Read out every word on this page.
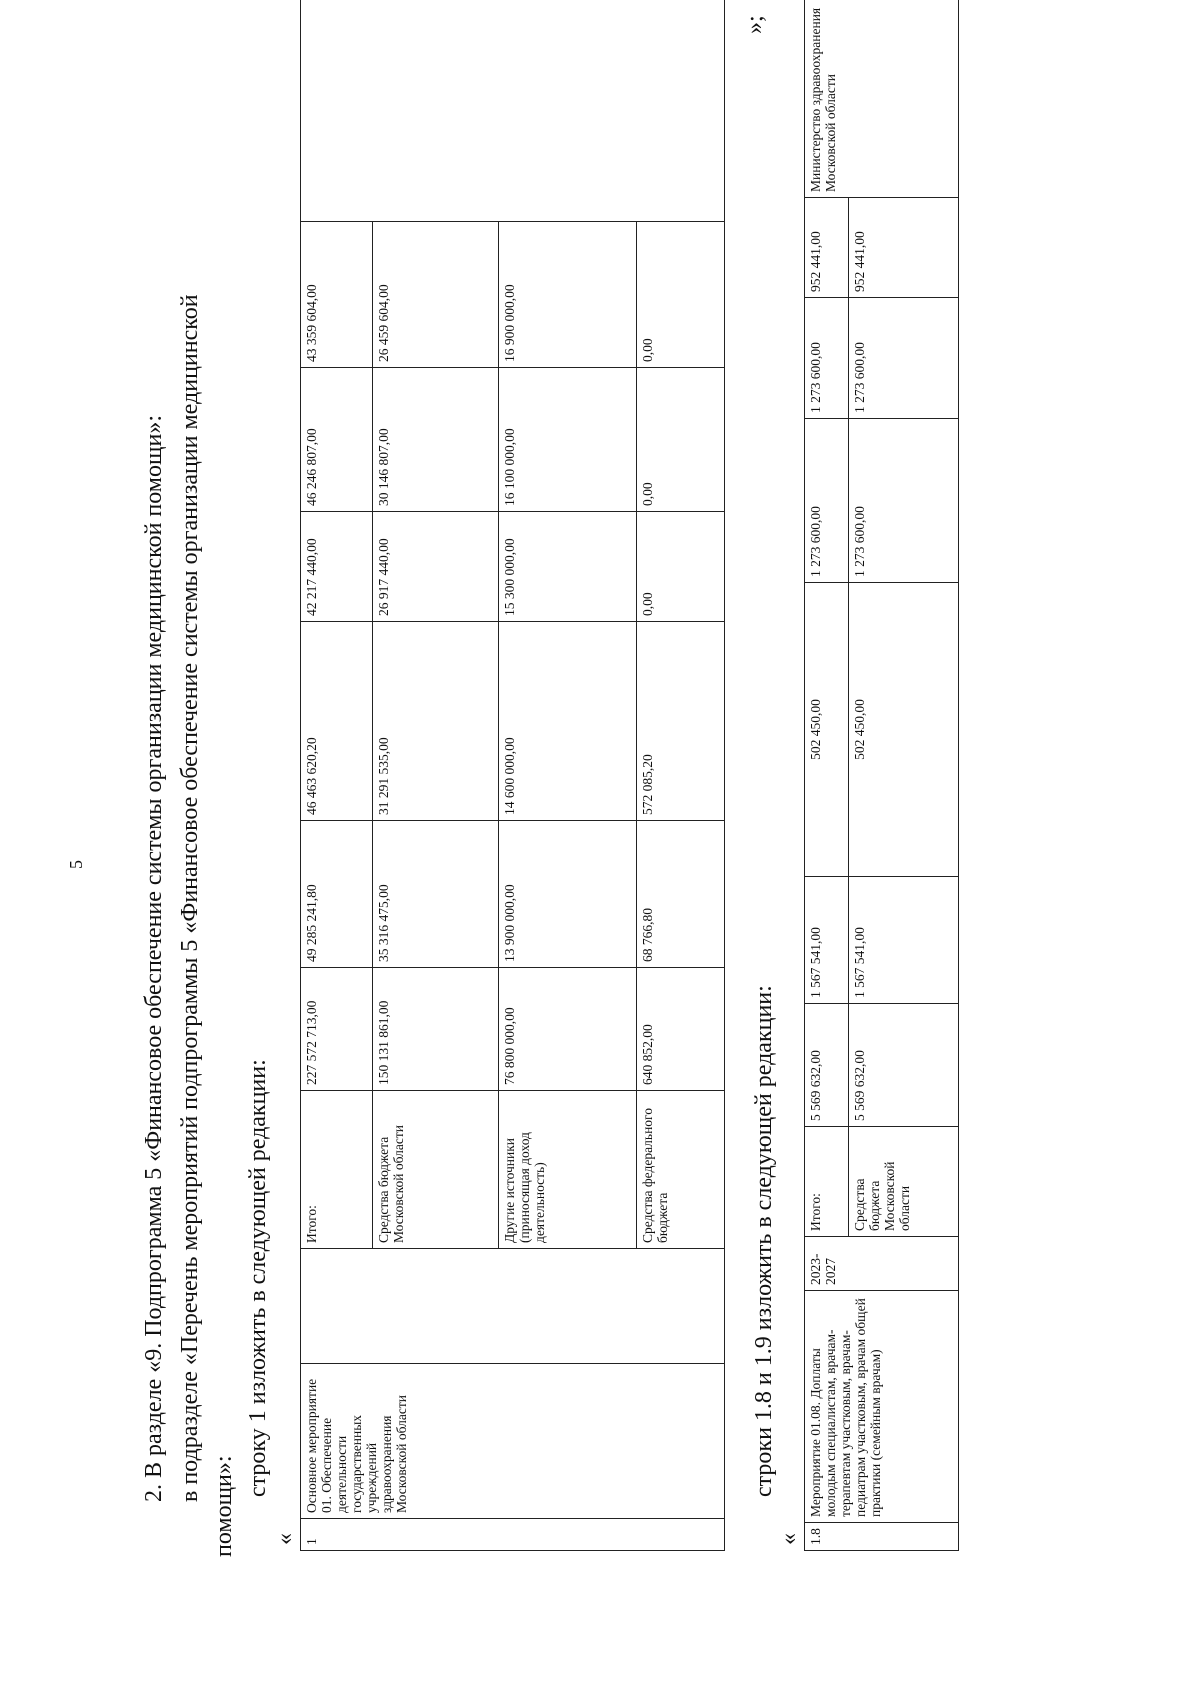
5 2. В разделе «9. Подпрограмма 5 «Финансовое обеспечение системы организации медицинской помощи»: в подразделе «Перечень мероприятий подпрограммы 5 «Финансовое обеспечение системы организации медицинской
помощи»:
строку 1 изложить в следующей редакции:
« 1	Основное мероприятие 01. Обеспечение деятельности государственных учреждений здравоохранения Московской области		Итого:	227 572 713,00	49 285 241,80	46 463 620,20	42 217 440,00	46 246 807,00	43 359 604,00	
			Средства бюджета Московской области	150 131 861,00	35 316 475,00	31 291 535,00	26 917 440,00	30 146 807,00	26 459 604,00	
			Другие источники (приносящая доход деятельность)	76 800 000,00	13 900 000,00	14 600 000,00	15 300 000,00	16 100 000,00	16 900 000,00	
			Средства федерального бюджета	640 852,00	68 766,80	572 085,20	0,00	0,00	0,00	
»;
строки 1.8 и 1.9 изложить в следующей редакции:
« 1.8	Мероприятие 01.08. Доплаты молодым специалистам, врачам-терапевтам участковым, врачам-педиатрам участковым, врачам общей практики (семейным врачам)	2023-2027	Итого:	5 569 632,00	1 567 541,00	502 450,00	1 273 600,00	1 273 600,00	952 441,00	Министерство здравоохранения Московской области
			Средства бюджета Московской области	5 569 632,00	1 567 541,00	502 450,00	1 273 600,00	1 273 600,00	952 441,00	
